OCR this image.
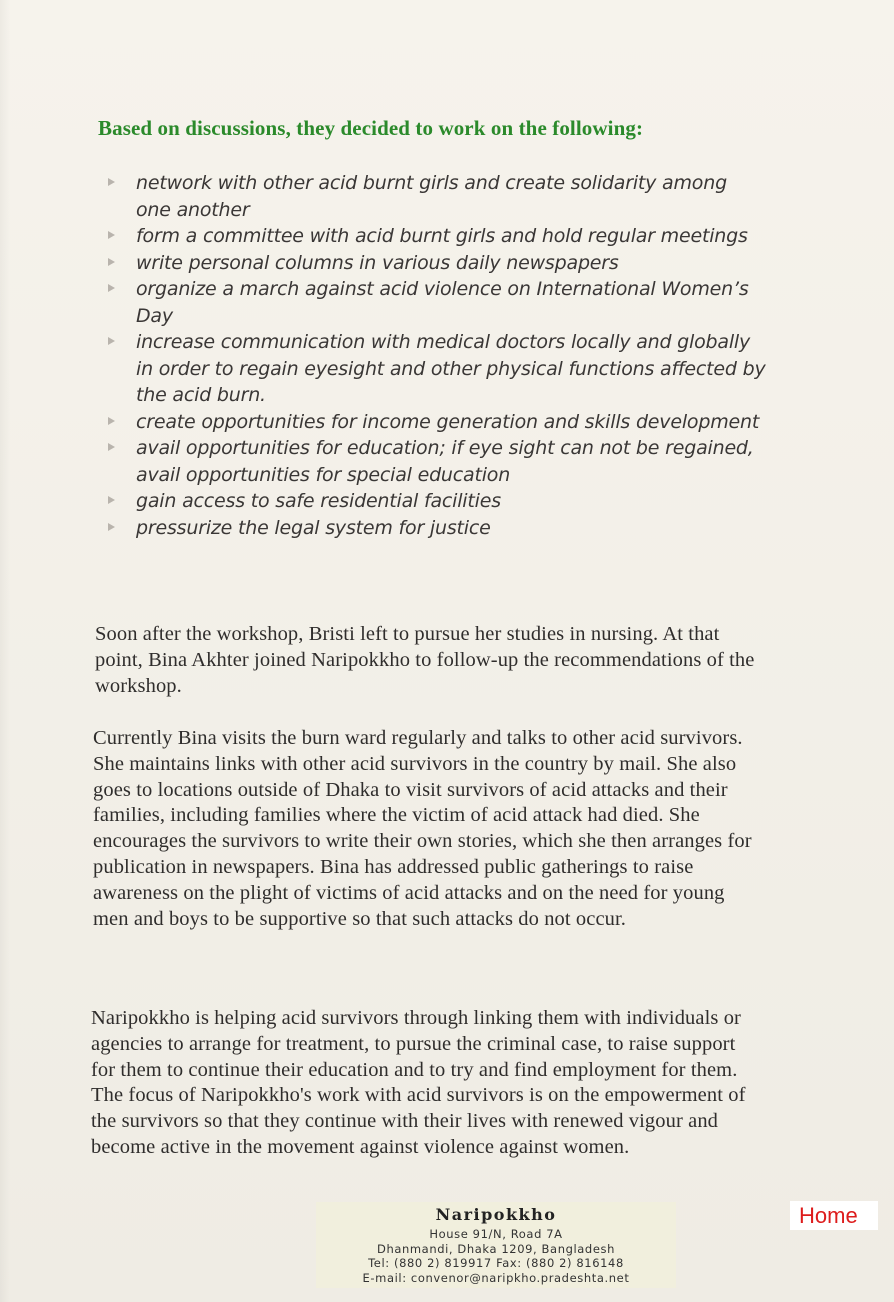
Based on discussions, they decided to work on the following:
network with other acid burnt girls and create solidarity among one another
form a committee with acid burnt girls and hold regular meetings
write personal columns in various daily newspapers
organize a march against acid violence on International Women’s Day
increase communication with medical doctors locally and globally in order to regain eyesight and other physical functions affected by the acid burn.
create opportunities for income generation and skills development
avail opportunities for education; if eye sight can not be regained, avail opportunities for special education
gain access to safe residential facilities
pressurize the legal system for justice

Soon after the workshop, Bristi left to pursue her studies in nursing. At that point, Bina Akhter joined Naripokkho to follow-up the recommendations of the workshop.

Currently Bina visits the burn ward regularly and talks to other acid survivors. She maintains links with other acid survivors in the country by mail. She also goes to locations outside of Dhaka to visit survivors of acid attacks and their families, including families where the victim of acid attack had died. She encourages the survivors to write their own stories, which she then arranges for publication in newspapers. Bina has addressed public gatherings to raise awareness on the plight of victims of acid attacks and on the need for young men and boys to be supportive so that such attacks do not occur.

Naripokkho is helping acid survivors through linking them with individuals or agencies to arrange for treatment, to pursue the criminal case, to raise support for them to continue their education and to try and find employment for them. The focus of Naripokkho's work with acid survivors is on the empowerment of the survivors so that they continue with their lives with renewed vigour and become active in the movement against violence against women.

Naripokkho
House 91/N, Road 7A
Dhanmandi, Dhaka 1209, Bangladesh
Tel: (880 2) 819917 Fax: (880 2) 816148
E-mail: convenor@naripkho.pradeshta.net
Home
